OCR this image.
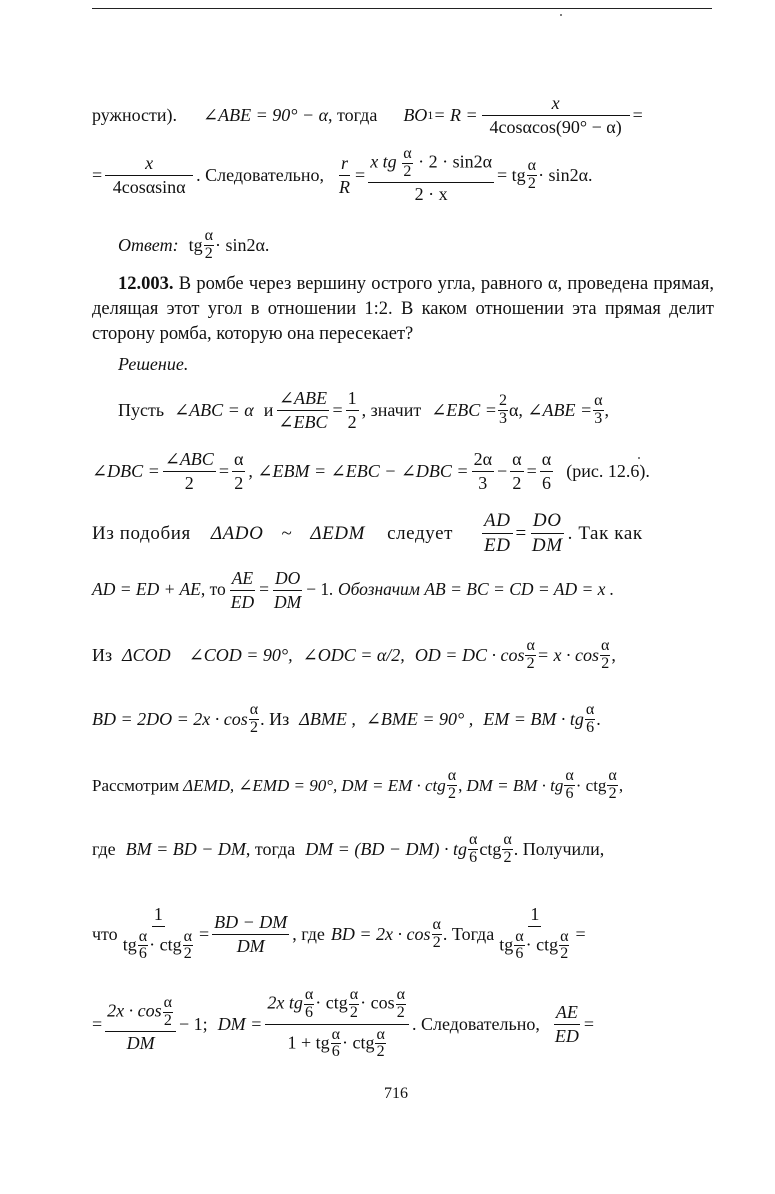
ружности). ∠ABE = 90° − α , тогда BO $1 = R = \frac{x}{4\cos\alpha\cos(90^\circ - \alpha)}$ =
= $\frac{x}{4\cos\alpha\sin\alpha}$ . Следовательно, $\frac{r}{R} = \frac{x tg \frac{\alpha}{2} \cdot 2 \cdot \sin 2\alpha}{2 \cdot x}$ = tg $\frac{\alpha}{2} \cdot \sin 2\alpha$.
Ответ: tg $\frac{\alpha}{2} \cdot \sin 2\alpha$.
12.003. В ромбе через вершину острого угла, равного α, проведена прямая, делящая этот угол в отношении 1:2. В каком отношении эта прямая делит сторону ромба, которую она пересекает?
Решение.
Пусть ∠ABC = α и
∠ABE
∠EBC
= $\frac{1}{2}$ , значит ∠EBC = $\frac{2}{3}$ α , ∠ABE = $\frac{\alpha}{3}$ ,
∠DBC =
∠ABC
2
= $\frac{\alpha}{2}$ , ∠EBM = ∠EBC − ∠DBC = $\frac{2\alpha}{3} - \frac{\alpha}{2} = \frac{\alpha}{6} (рис$. 12.6).
Из подобия ΔADO ~ ΔEDM следует $\frac{AD}{ED} = \frac{DO}{DM}$ . Так как
AD = ED + AE , то $\frac{AE}{ED} = \frac{DO}{DM} - 1$ . Обозначим AB = BC = CD = AD = x .
Из ΔCOD ∠COD = 90°, ∠ODC = α/2, OD = DC · $\cos \frac{\alpha}{2} = x \cdot \cos \frac{\alpha}{2}$ ,
BD = $2DO = 2x \cdot \cos \frac{\alpha}{2}$ . Из ΔBME , ∠BME = 90° , EM = BM · tg $\frac{\alpha}{6}$ .
Рассмотрим ΔEMD, ∠EMD = 90°, DM = EM · ctg $\frac{\alpha}{2}$ , DM = BM · tg $\frac{\alpha}{6}$ · ctg $\frac{\alpha}{2}$ ,
где BM = BD − DM , тогда DM = (BD − DM) · tg $\frac{\alpha}{6}$ ctg $\frac{\alpha}{2}$ . Получили,
что
1
tg $\frac{\alpha}{6}$ · ctg $\frac{\alpha}{2} = \frac{BD - DM}{DM}$ , где BD = $2x \cdot \cos \frac{\alpha}{2}$ . Тогда
1
tg $\frac{\alpha}{6}$ · ctg $\frac{\alpha}{2}$ =
= $\frac{2x \cdot \cos \frac{\alpha}{2}}{DM} - 1$; DM =
2x tg $\frac{\alpha}{6}$ · ctg $\frac{\alpha}{2} \cdot \cos \frac{\alpha}{2}$
1 + tg $\frac{\alpha}{6}$ · ctg $\frac{\alpha}{2}$
. Следовательно, $\frac{AE}{ED}$ =
716
